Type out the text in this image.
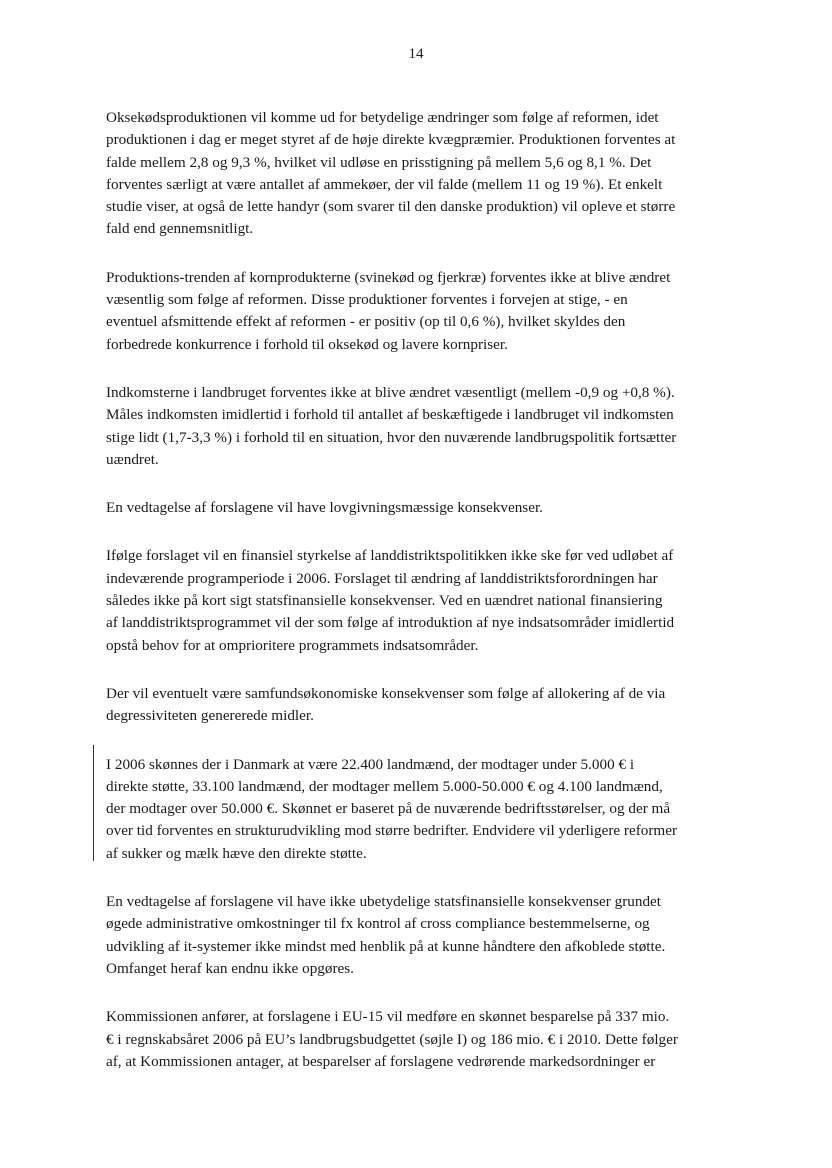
14

Oksekødsproduktionen vil komme ud for betydelige ændringer som følge af reformen, idet
produktionen i dag er meget styret af de høje direkte kvægpræmier. Produktionen forventes at
falde mellem 2,8 og 9,3 %, hvilket vil udløse en prisstigning på mellem 5,6 og 8,1 %. Det
forventes særligt at være antallet af ammekøer, der vil falde (mellem 11 og 19 %). Et enkelt
studie viser, at også de lette handyr (som svarer til den danske produktion) vil opleve et større
fald end gennemsnitligt.

Produktions-trenden af kornprodukterne (svinekød og fjerkræ) forventes ikke at blive ændret
væsentlig som følge af reformen. Disse produktioner forventes i forvejen at stige, - en
eventuel afsmittende effekt af reformen - er positiv (op til 0,6 %), hvilket skyldes den
forbedrede konkurrence i forhold til oksekød og lavere kornpriser.

Indkomsterne i landbruget forventes ikke at blive ændret væsentligt (mellem -0,9 og +0,8 %).
Måles indkomsten imidlertid i forhold til antallet af beskæftigede i landbruget vil indkomsten
stige lidt (1,7-3,3 %) i forhold til en situation, hvor den nuværende landbrugspolitik fortsætter
uændret.

En vedtagelse af forslagene vil have lovgivningsmæssige konsekvenser.

Ifølge forslaget vil en finansiel styrkelse af landdistriktspolitikken ikke ske før ved udløbet af
indeværende programperiode i 2006. Forslaget til ændring af landdistriktsforordningen har
således ikke på kort sigt statsfinansielle konsekvenser. Ved en uændret national finansiering
af landdistriktsprogrammet vil der som følge af introduktion af nye indsatsområder imidlertid
opstå behov for at omprioritere programmets indsatsområder.

Der vil eventuelt være samfundsøkonomiske konsekvenser som følge af allokering af de via
degressiviteten genererede midler.

I 2006 skønnes der i Danmark at være 22.400 landmænd, der modtager under 5.000 € i
direkte støtte, 33.100 landmænd, der modtager mellem 5.000-50.000 € og 4.100 landmænd,
der modtager over 50.000 €. Skønnet er baseret på de nuværende bedriftsstørelser, og der må
over tid forventes en strukturudvikling mod større bedrifter. Endvidere vil yderligere reformer
af sukker og mælk hæve den direkte støtte.

En vedtagelse af forslagene vil have ikke ubetydelige statsfinansielle konsekvenser grundet
øgede administrative omkostninger til fx kontrol af cross compliance bestemmelserne, og
udvikling af it-systemer ikke mindst med henblik på at kunne håndtere den afkoblede støtte.
Omfanget heraf kan endnu ikke opgøres.

Kommissionen anfører, at forslagene i EU-15 vil medføre en skønnet besparelse på 337 mio.
€ i regnskabsåret 2006 på EU’s landbrugsbudgettet (søjle I) og 186 mio. € i 2010. Dette følger
af, at Kommissionen antager, at besparelser af forslagene vedrørende markedsordninger er
